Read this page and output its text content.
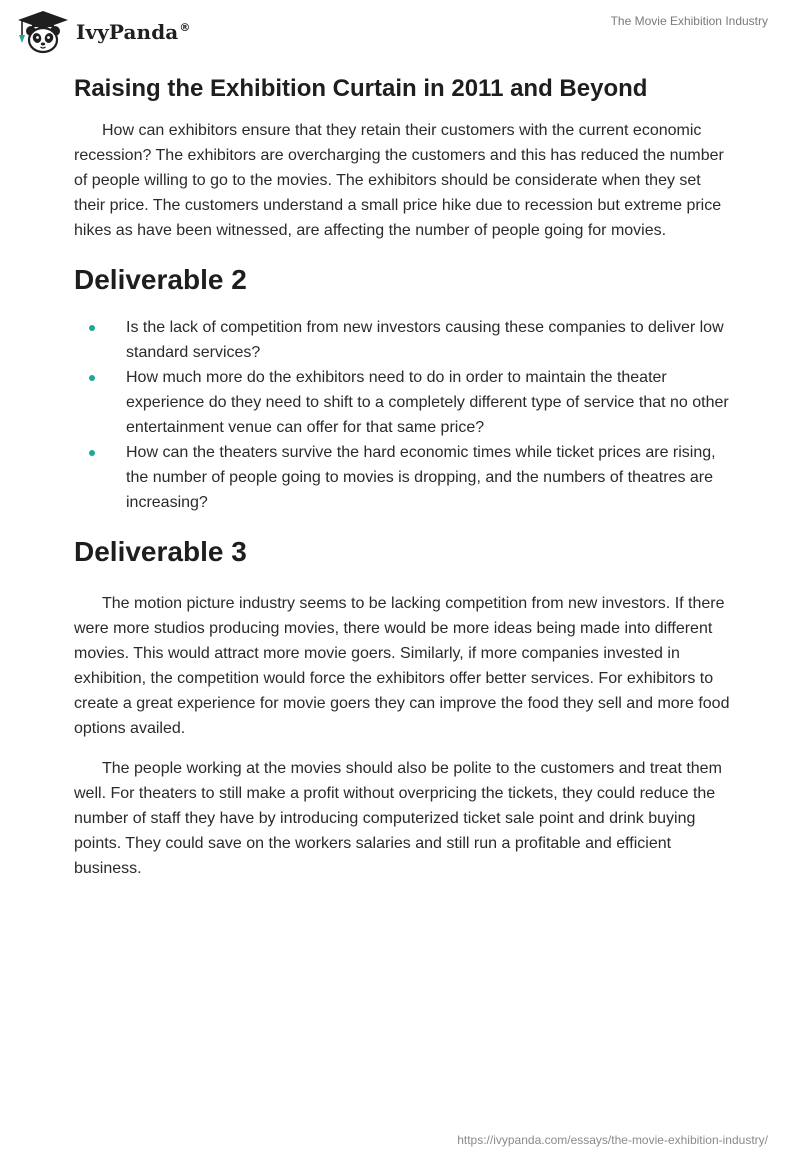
IvyPanda®	The Movie Exhibition Industry
Raising the Exhibition Curtain in 2011 and Beyond

How can exhibitors ensure that they retain their customers with the current economic recession? The exhibitors are overcharging the customers and this has reduced the number of people willing to go to the movies. The exhibitors should be considerate when they set their price. The customers understand a small price hike due to recession but extreme price hikes as have been witnessed, are affecting the number of people going for movies.

Deliverable 2
Is the lack of competition from new investors causing these companies to deliver low standard services?
How much more do the exhibitors need to do in order to maintain the theater experience do they need to shift to a completely different type of service that no other entertainment venue can offer for that same price?
How can the theaters survive the hard economic times while ticket prices are rising, the number of people going to movies is dropping, and the numbers of theatres are increasing?
Deliverable 3

The motion picture industry seems to be lacking competition from new investors. If there were more studios producing movies, there would be more ideas being made into different movies. This would attract more movie goers. Similarly, if more companies invested in exhibition, the competition would force the exhibitors offer better services. For exhibitors to create a great experience for movie goers they can improve the food they sell and more food options availed.

The people working at the movies should also be polite to the customers and treat them well. For theaters to still make a profit without overpricing the tickets, they could reduce the number of staff they have by introducing computerized ticket sale point and drink buying points. They could save on the workers salaries and still run a profitable and efficient business.

https://ivypanda.com/essays/the-movie-exhibition-industry/
